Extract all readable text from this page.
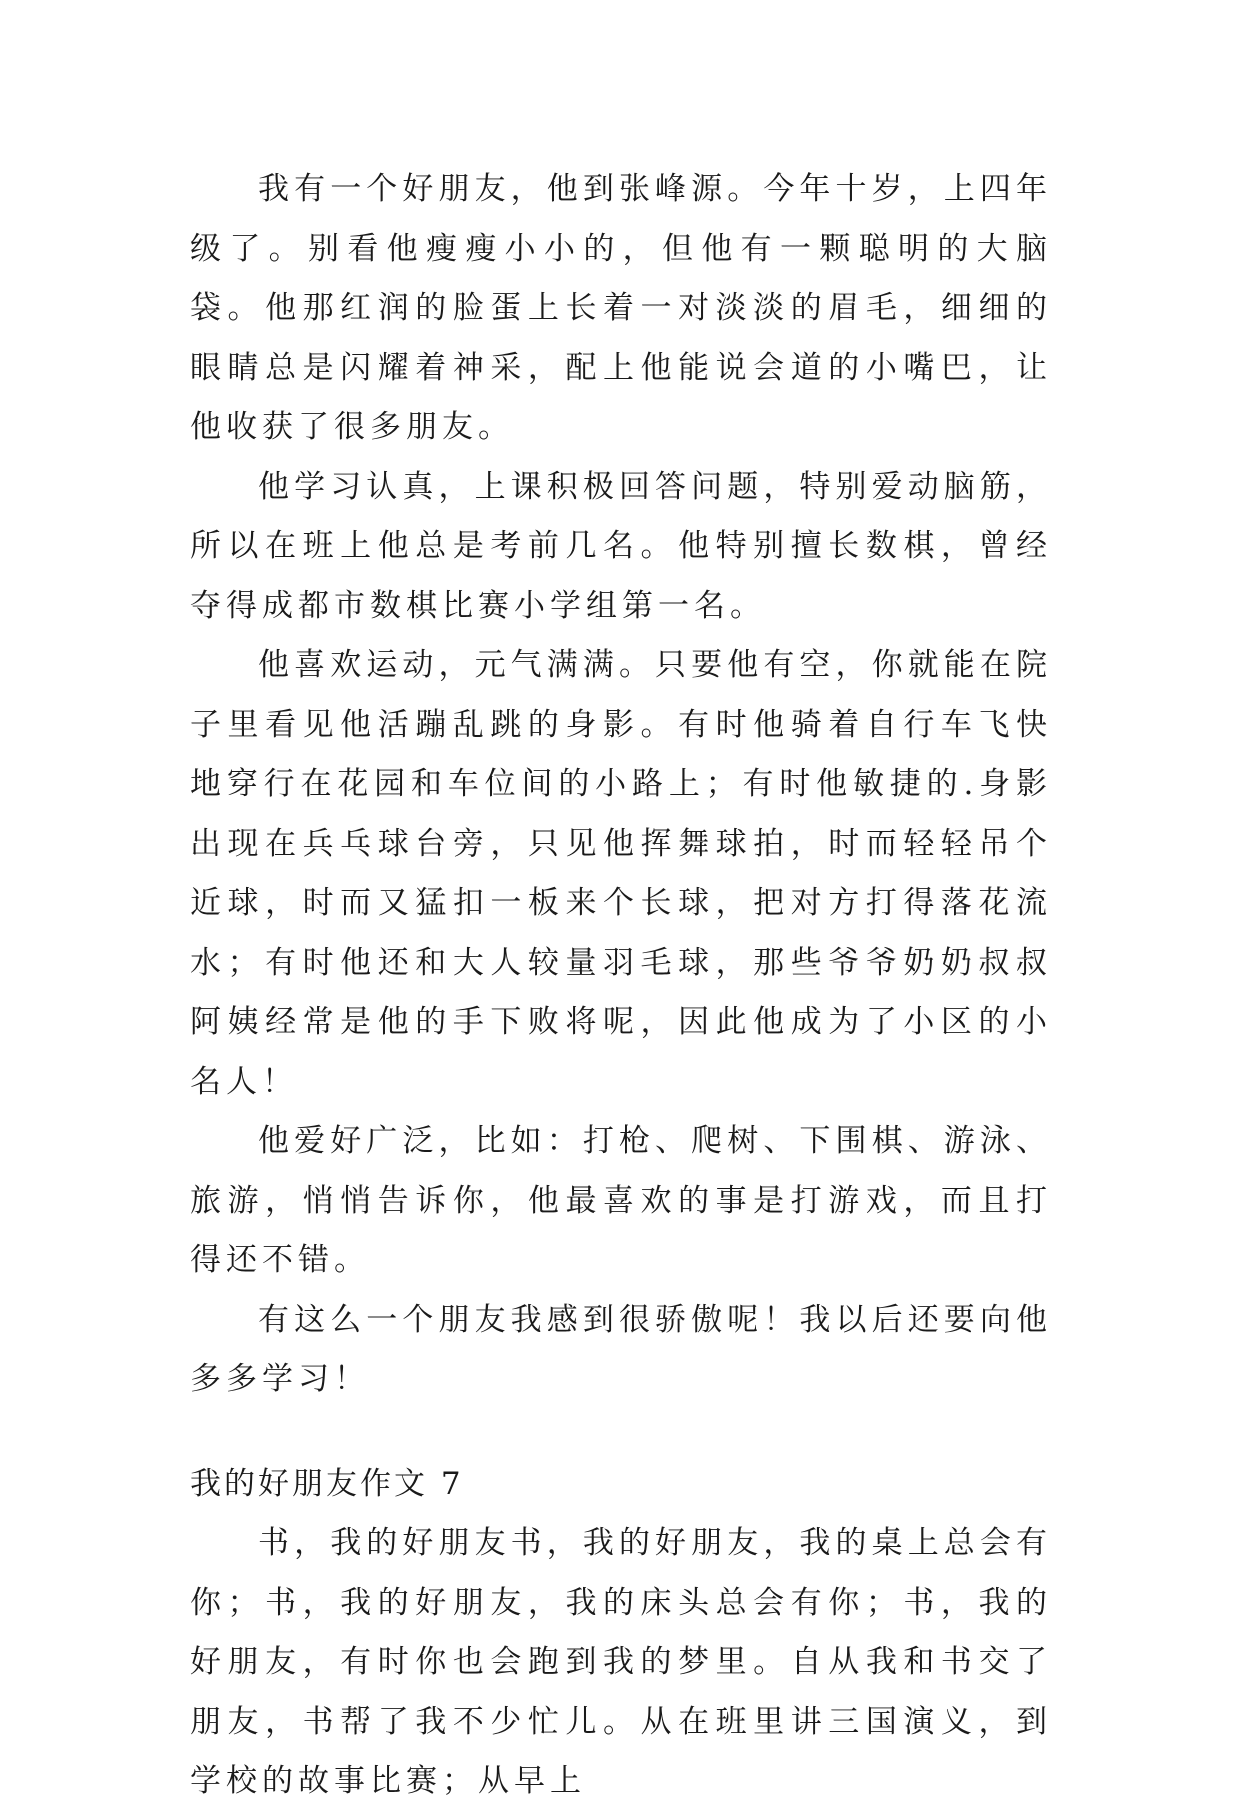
我有一个好朋友，他到张峰源。今年十岁，上四年级了。别看他瘦瘦小小的，但他有一颗聪明的大脑袋。他那红润的脸蛋上长着一对淡淡的眉毛，细细的眼睛总是闪耀着神采，配上他能说会道的小嘴巴，让他收获了很多朋友。

他学习认真，上课积极回答问题，特别爱动脑筋，所以在班上他总是考前几名。他特别擅长数棋，曾经夺得成都市数棋比赛小学组第一名。

他喜欢运动，元气满满。只要他有空，你就能在院子里看见他活蹦乱跳的身影。有时他骑着自行车飞快地穿行在花园和车位间的小路上；有时他敏捷的.身影出现在兵乓球台旁，只见他挥舞球拍，时而轻轻吊个近球，时而又猛扣一板来个长球，把对方打得落花流水；有时他还和大人较量羽毛球，那些爷爷奶奶叔叔阿姨经常是他的手下败将呢，因此他成为了小区的小名人！

他爱好广泛，比如：打枪、爬树、下围棋、游泳、旅游，悄悄告诉你，他最喜欢的事是打游戏，而且打得还不错。

有这么一个朋友我感到很骄傲呢！我以后还要向他多多学习！

我的好朋友作文 7

书，我的好朋友书，我的好朋友，我的桌上总会有你；书，我的好朋友，我的床头总会有你；书，我的好朋友，有时你也会跑到我的梦里。自从我和书交了朋友，书帮了我不少忙儿。从在班里讲三国演义，到学校的故事比赛；从早上
